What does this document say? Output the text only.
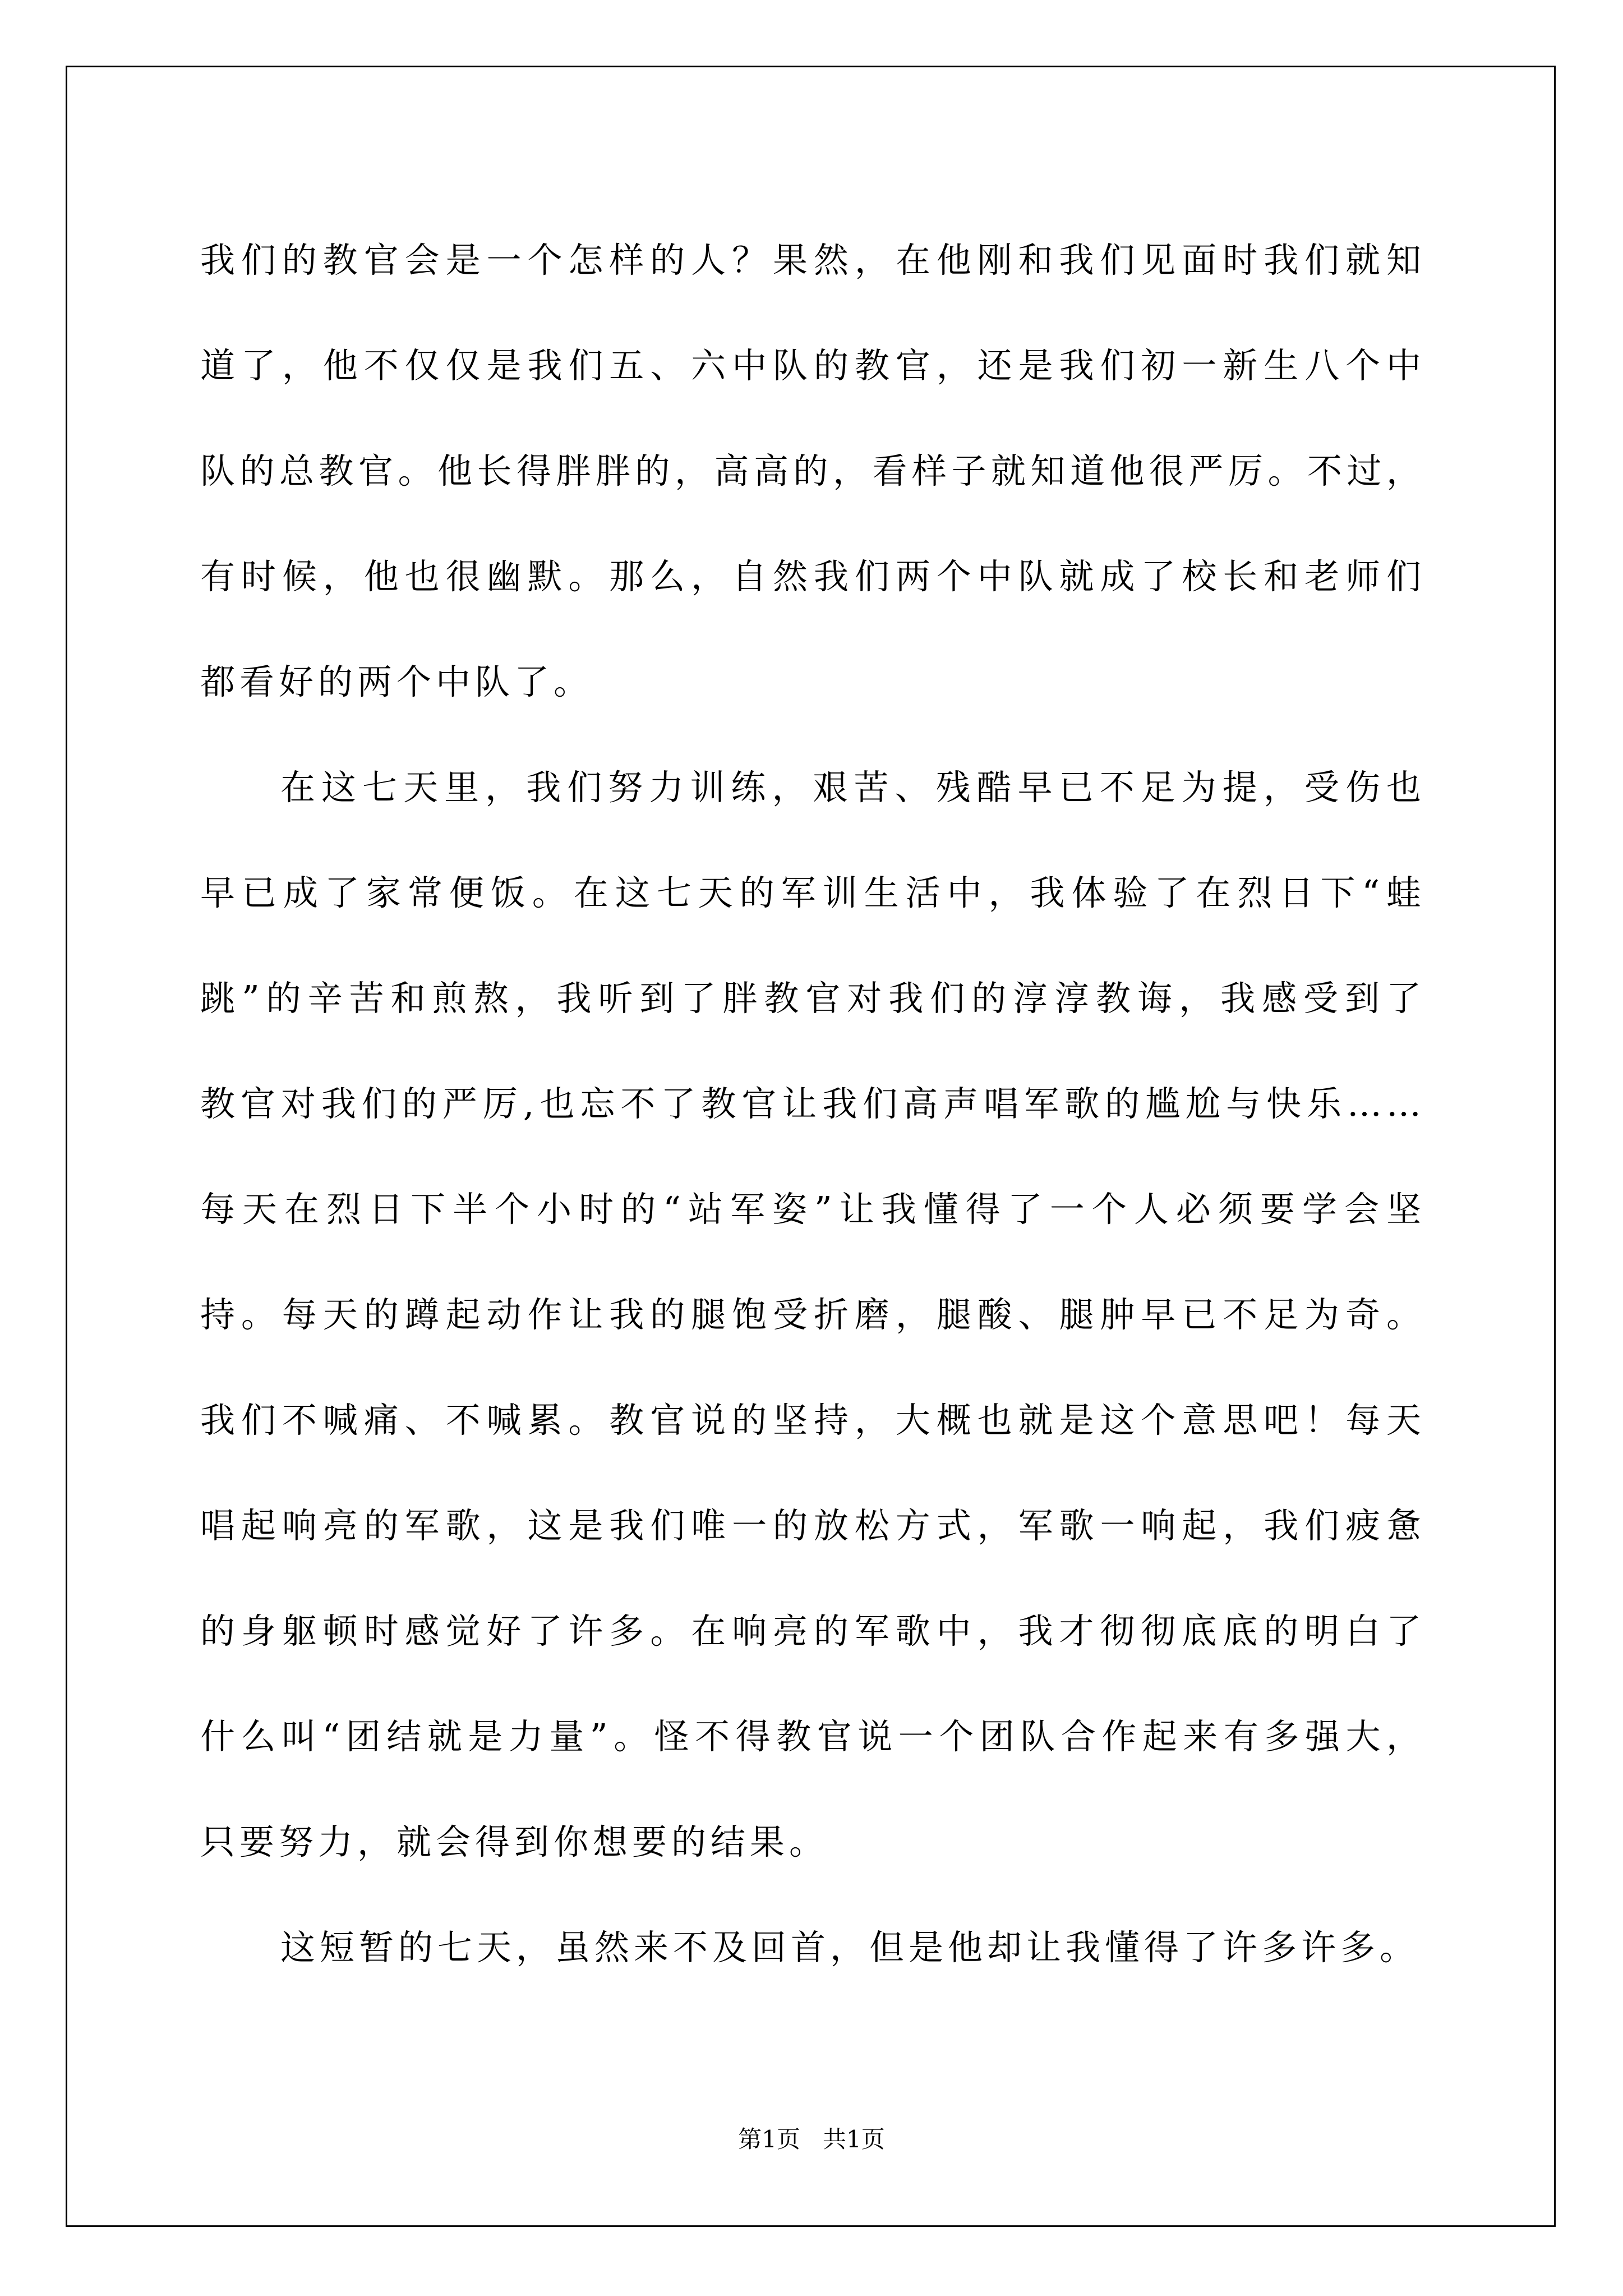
我们的教官会是一个怎样的人？果然，在他刚和我们见面时我们就知
道了，他不仅仅是我们五、六中队的教官，还是我们初一新生八个中
队的总教官。他长得胖胖的，高高的，看样子就知道他很严厉。不过，
有时候，他也很幽默。那么，自然我们两个中队就成了校长和老师们
都看好的两个中队了。
在这七天里，我们努力训练，艰苦、残酷早已不足为提，受伤也
早已成了家常便饭。在这七天的军训生活中，我体验了在烈日下“蛙
跳”的辛苦和煎熬，我听到了胖教官对我们的淳淳教诲，我感受到了
教官对我们的严厉,也忘不了教官让我们高声唱军歌的尴尬与快乐……
每天在烈日下半个小时的“站军姿”让我懂得了一个人必须要学会坚
持。每天的蹲起动作让我的腿饱受折磨，腿酸、腿肿早已不足为奇。
我们不喊痛、不喊累。教官说的坚持，大概也就是这个意思吧！每天
唱起响亮的军歌，这是我们唯一的放松方式，军歌一响起，我们疲惫
的身躯顿时感觉好了许多。在响亮的军歌中，我才彻彻底底的明白了
什么叫“团结就是力量”。怪不得教官说一个团队合作起来有多强大，
只要努力，就会得到你想要的结果。
这短暂的七天，虽然来不及回首，但是他却让我懂得了许多许多。
第1页 共1页
